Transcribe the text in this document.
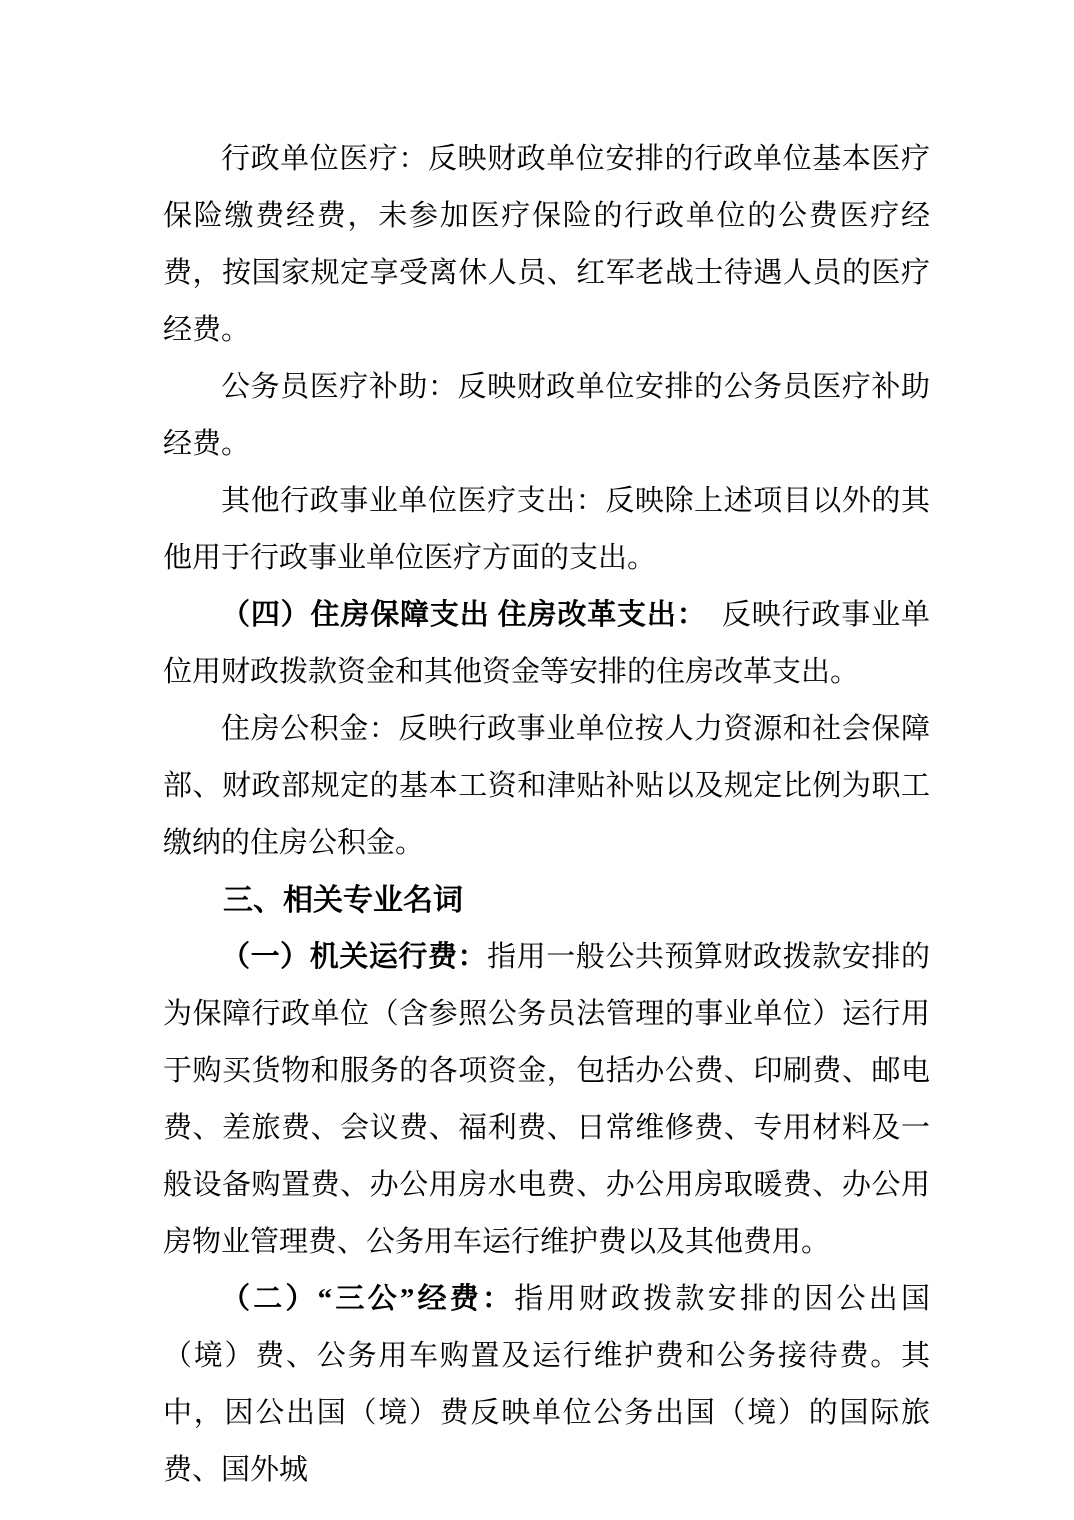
行政单位医疗：反映财政单位安排的行政单位基本医疗保险缴费经费，未参加医疗保险的行政单位的公费医疗经费，按国家规定享受离休人员、红军老战士待遇人员的医疗经费。

公务员医疗补助：反映财政单位安排的公务员医疗补助经费。

其他行政事业单位医疗支出：反映除上述项目以外的其他用于行政事业单位医疗方面的支出。

（四）住房保障支出 住房改革支出：　反映行政事业单位用财政拨款资金和其他资金等安排的住房改革支出。

住房公积金：反映行政事业单位按人力资源和社会保障部、财政部规定的基本工资和津贴补贴以及规定比例为职工缴纳的住房公积金。

三、相关专业名词

（一）机关运行费：指用一般公共预算财政拨款安排的为保障行政单位（含参照公务员法管理的事业单位）运行用于购买货物和服务的各项资金，包括办公费、印刷费、邮电费、差旅费、会议费、福利费、日常维修费、专用材料及一般设备购置费、办公用房水电费、办公用房取暖费、办公用房物业管理费、公务用车运行维护费以及其他费用。

（二）“三公”经费：指用财政拨款安排的因公出国（境）费、公务用车购置及运行维护费和公务接待费。其中，因公出国（境）费反映单位公务出国（境）的国际旅费、国外城
